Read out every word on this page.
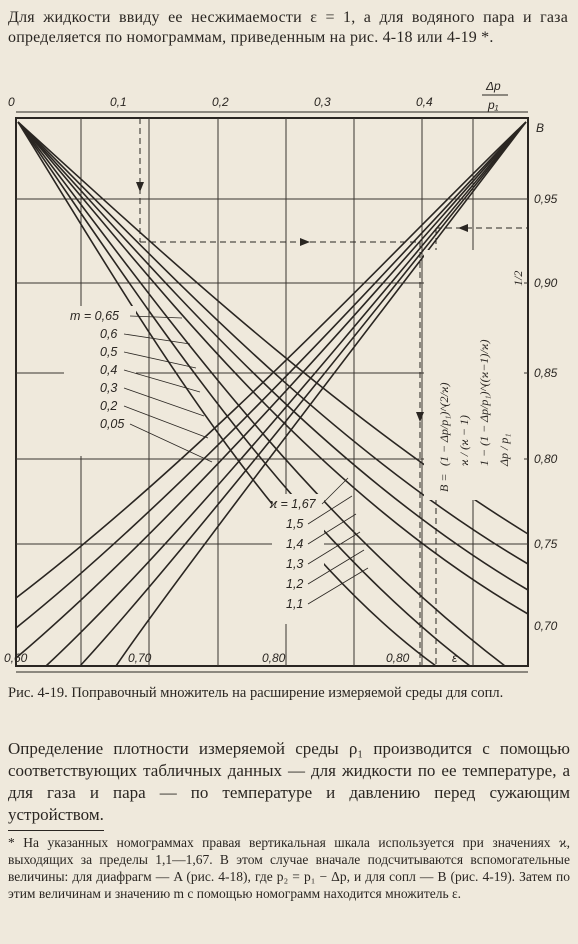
Для жидкости ввиду ее несжимаемости ε = 1, а для водяного пара и газа определяется по номограммам, приведенным на рис. 4-18 или 4-19 *.
B =
(1 − Δp/p₁)^(2/ϰ) ϰ / (ϰ − 1) 1 − (1 − Δp/p₁)^((ϰ−1)/ϰ) Δp / p₁
1/2
0	0,1	0,2	0,3	0,4
Δp
p₁
B
0,95
0,90
0,85
0,80
0,75
0,70
0,60	0,70	0,80	0,80	ε
m = 0,65
0,6
0,5
0,4
0,3
0,2
0,05
ϰ = 1,67
1,5
1,4
1,3
1,2
1,1
Рис. 4-19. Поправочный множитель на расширение измеряемой среды для сопл.
Определение плотности измеряемой среды ρ₁ производится с помощью соответствующих табличных данных — для жидкости по ее температуре, а для газа и пара — по температуре и давлению перед сужающим устройством.
* На указанных номограммах правая вертикальная шкала используется при значениях ϰ, выходящих за пределы 1,1—1,67. В этом случае вначале подсчитываются вспомогательные величины: для диафрагм — A (рис. 4-18), где p₂ = p₁ − Δp, и для сопл — B (рис. 4-19). Затем по этим величинам и значению m с помощью номограмм находится множитель ε.
